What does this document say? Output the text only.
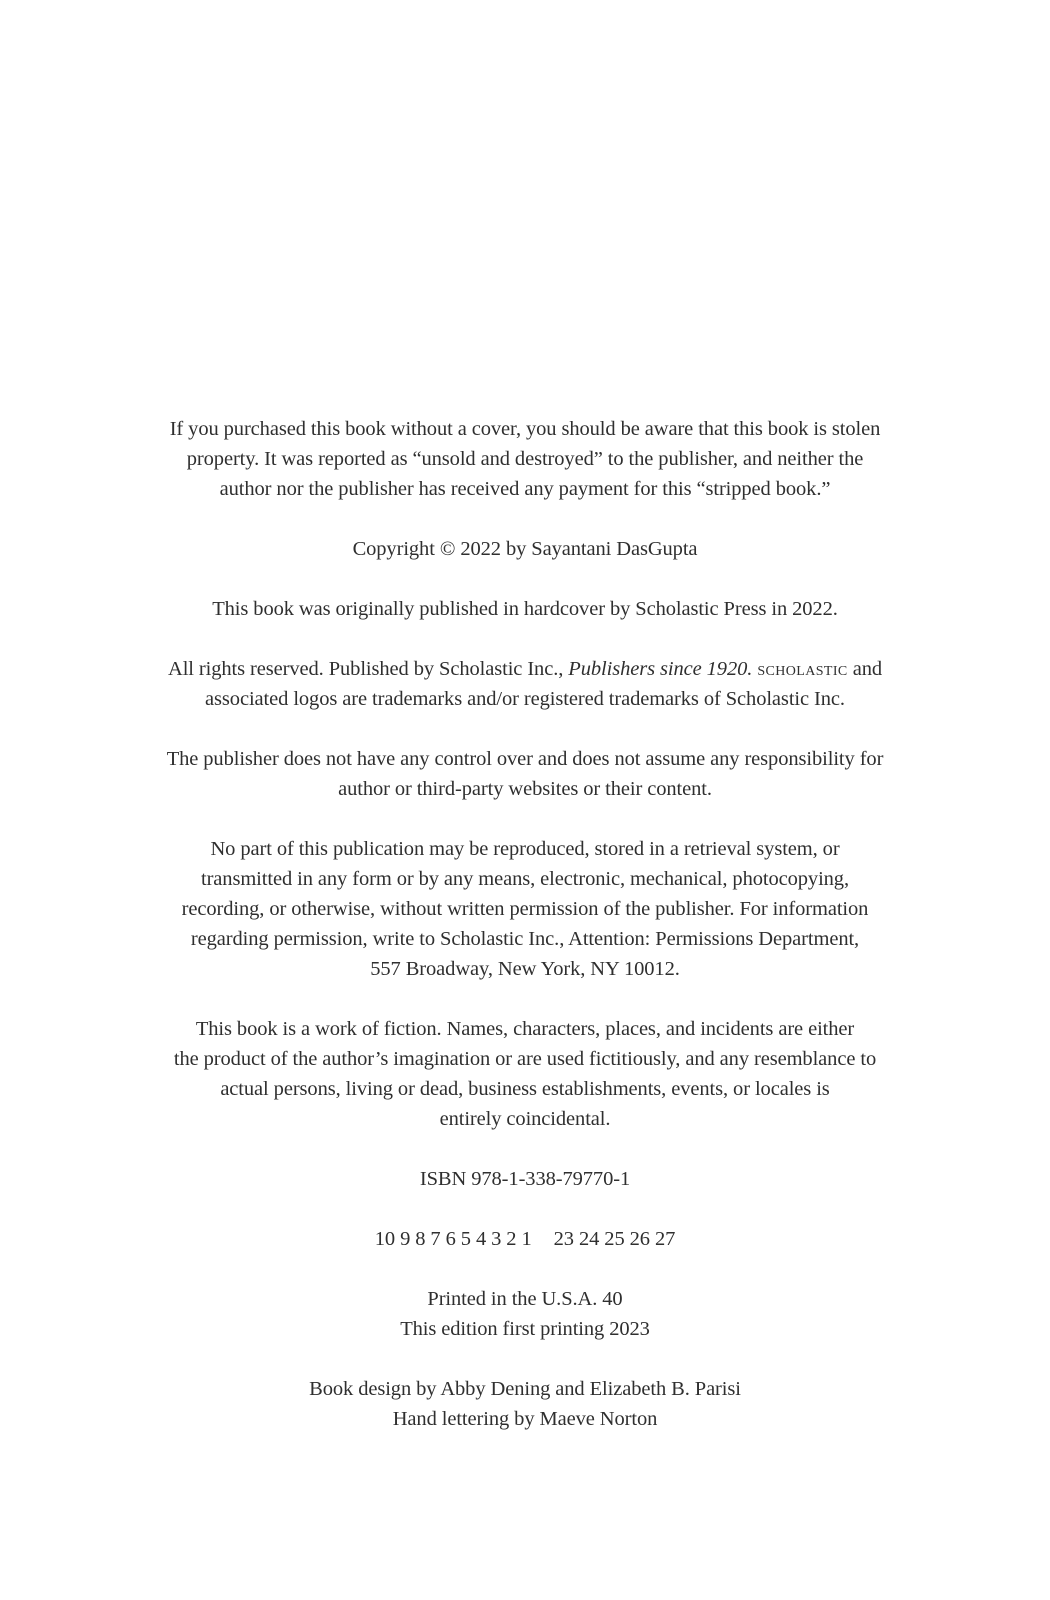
If you purchased this book without a cover, you should be aware that this book is stolen
property. It was reported as “unsold and destroyed” to the publisher, and neither the
author nor the publisher has received any payment for this “stripped book.”

Copyright © 2022 by Sayantani DasGupta

This book was originally published in hardcover by Scholastic Press in 2022.

All rights reserved. Published by Scholastic Inc., Publishers since 1920. scholastic and
associated logos are trademarks and/or registered trademarks of Scholastic Inc.

The publisher does not have any control over and does not assume any responsibility for
author or third-party websites or their content.

No part of this publication may be reproduced, stored in a retrieval system, or
transmitted in any form or by any means, electronic, mechanical, photocopying,
recording, or otherwise, without written permission of the publisher. For information
regarding permission, write to Scholastic Inc., Attention: Permissions Department,
557 Broadway, New York, NY 10012.

This book is a work of fiction. Names, characters, places, and incidents are either
the product of the author’s imagination or are used fictitiously, and any resemblance to
actual persons, living or dead, business establishments, events, or locales is
entirely coincidental.

ISBN 978-1-338-79770-1

10 9 8 7 6 5 4 3 2 1 23 24 25 26 27

Printed in the U.S.A. 40
This edition first printing 2023

Book design by Abby Dening and Elizabeth B. Parisi
Hand lettering by Maeve Norton
